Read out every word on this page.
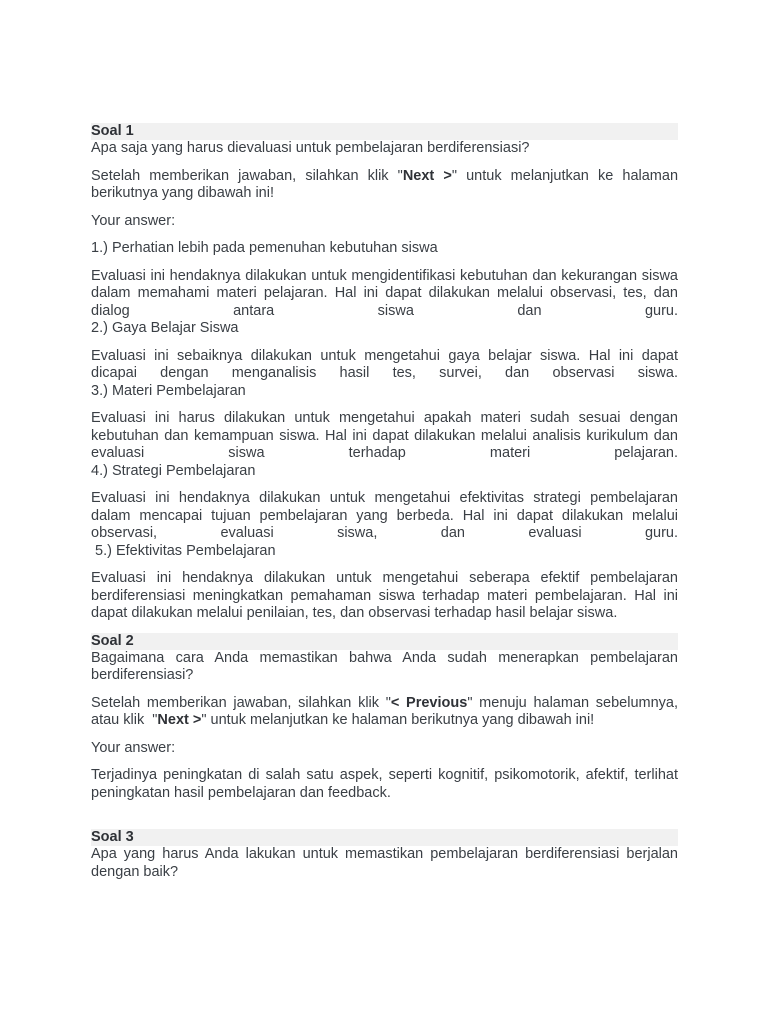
Soal 1

Apa saja yang harus dievaluasi untuk pembelajaran berdiferensiasi?

Setelah memberikan jawaban, silahkan klik "Next >" untuk melanjutkan ke halaman berikutnya yang dibawah ini!

Your answer:

1.) Perhatian lebih pada pemenuhan kebutuhan siswa

Evaluasi ini hendaknya dilakukan untuk mengidentifikasi kebutuhan dan kekurangan siswa dalam memahami materi pelajaran. Hal ini dapat dilakukan melalui observasi, tes, dan dialog antara siswa dan guru.

2.) Gaya Belajar Siswa

Evaluasi ini sebaiknya dilakukan untuk mengetahui gaya belajar siswa. Hal ini dapat dicapai dengan menganalisis hasil tes, survei, dan observasi siswa.

3.) Materi Pembelajaran

Evaluasi ini harus dilakukan untuk mengetahui apakah materi sudah sesuai dengan kebutuhan dan kemampuan siswa. Hal ini dapat dilakukan melalui analisis kurikulum dan evaluasi siswa terhadap materi pelajaran.

4.) Strategi Pembelajaran

Evaluasi ini hendaknya dilakukan untuk mengetahui efektivitas strategi pembelajaran dalam mencapai tujuan pembelajaran yang berbeda. Hal ini dapat dilakukan melalui observasi, evaluasi siswa, dan evaluasi guru.

5.) Efektivitas Pembelajaran

Evaluasi ini hendaknya dilakukan untuk mengetahui seberapa efektif pembelajaran berdiferensiasi meningkatkan pemahaman siswa terhadap materi pembelajaran. Hal ini dapat dilakukan melalui penilaian, tes, dan observasi terhadap hasil belajar siswa.

Soal 2

Bagaimana cara Anda memastikan bahwa Anda sudah menerapkan pembelajaran berdiferensiasi?

Setelah memberikan jawaban, silahkan klik "< Previous" menuju halaman sebelumnya, atau klik  "Next >" untuk melanjutkan ke halaman berikutnya yang dibawah ini!

Your answer:

Terjadinya peningkatan di salah satu aspek, seperti kognitif, psikomotorik, afektif, terlihat peningkatan hasil pembelajaran dan feedback.

Soal 3

Apa yang harus Anda lakukan untuk memastikan pembelajaran berdiferensiasi berjalan dengan baik?
